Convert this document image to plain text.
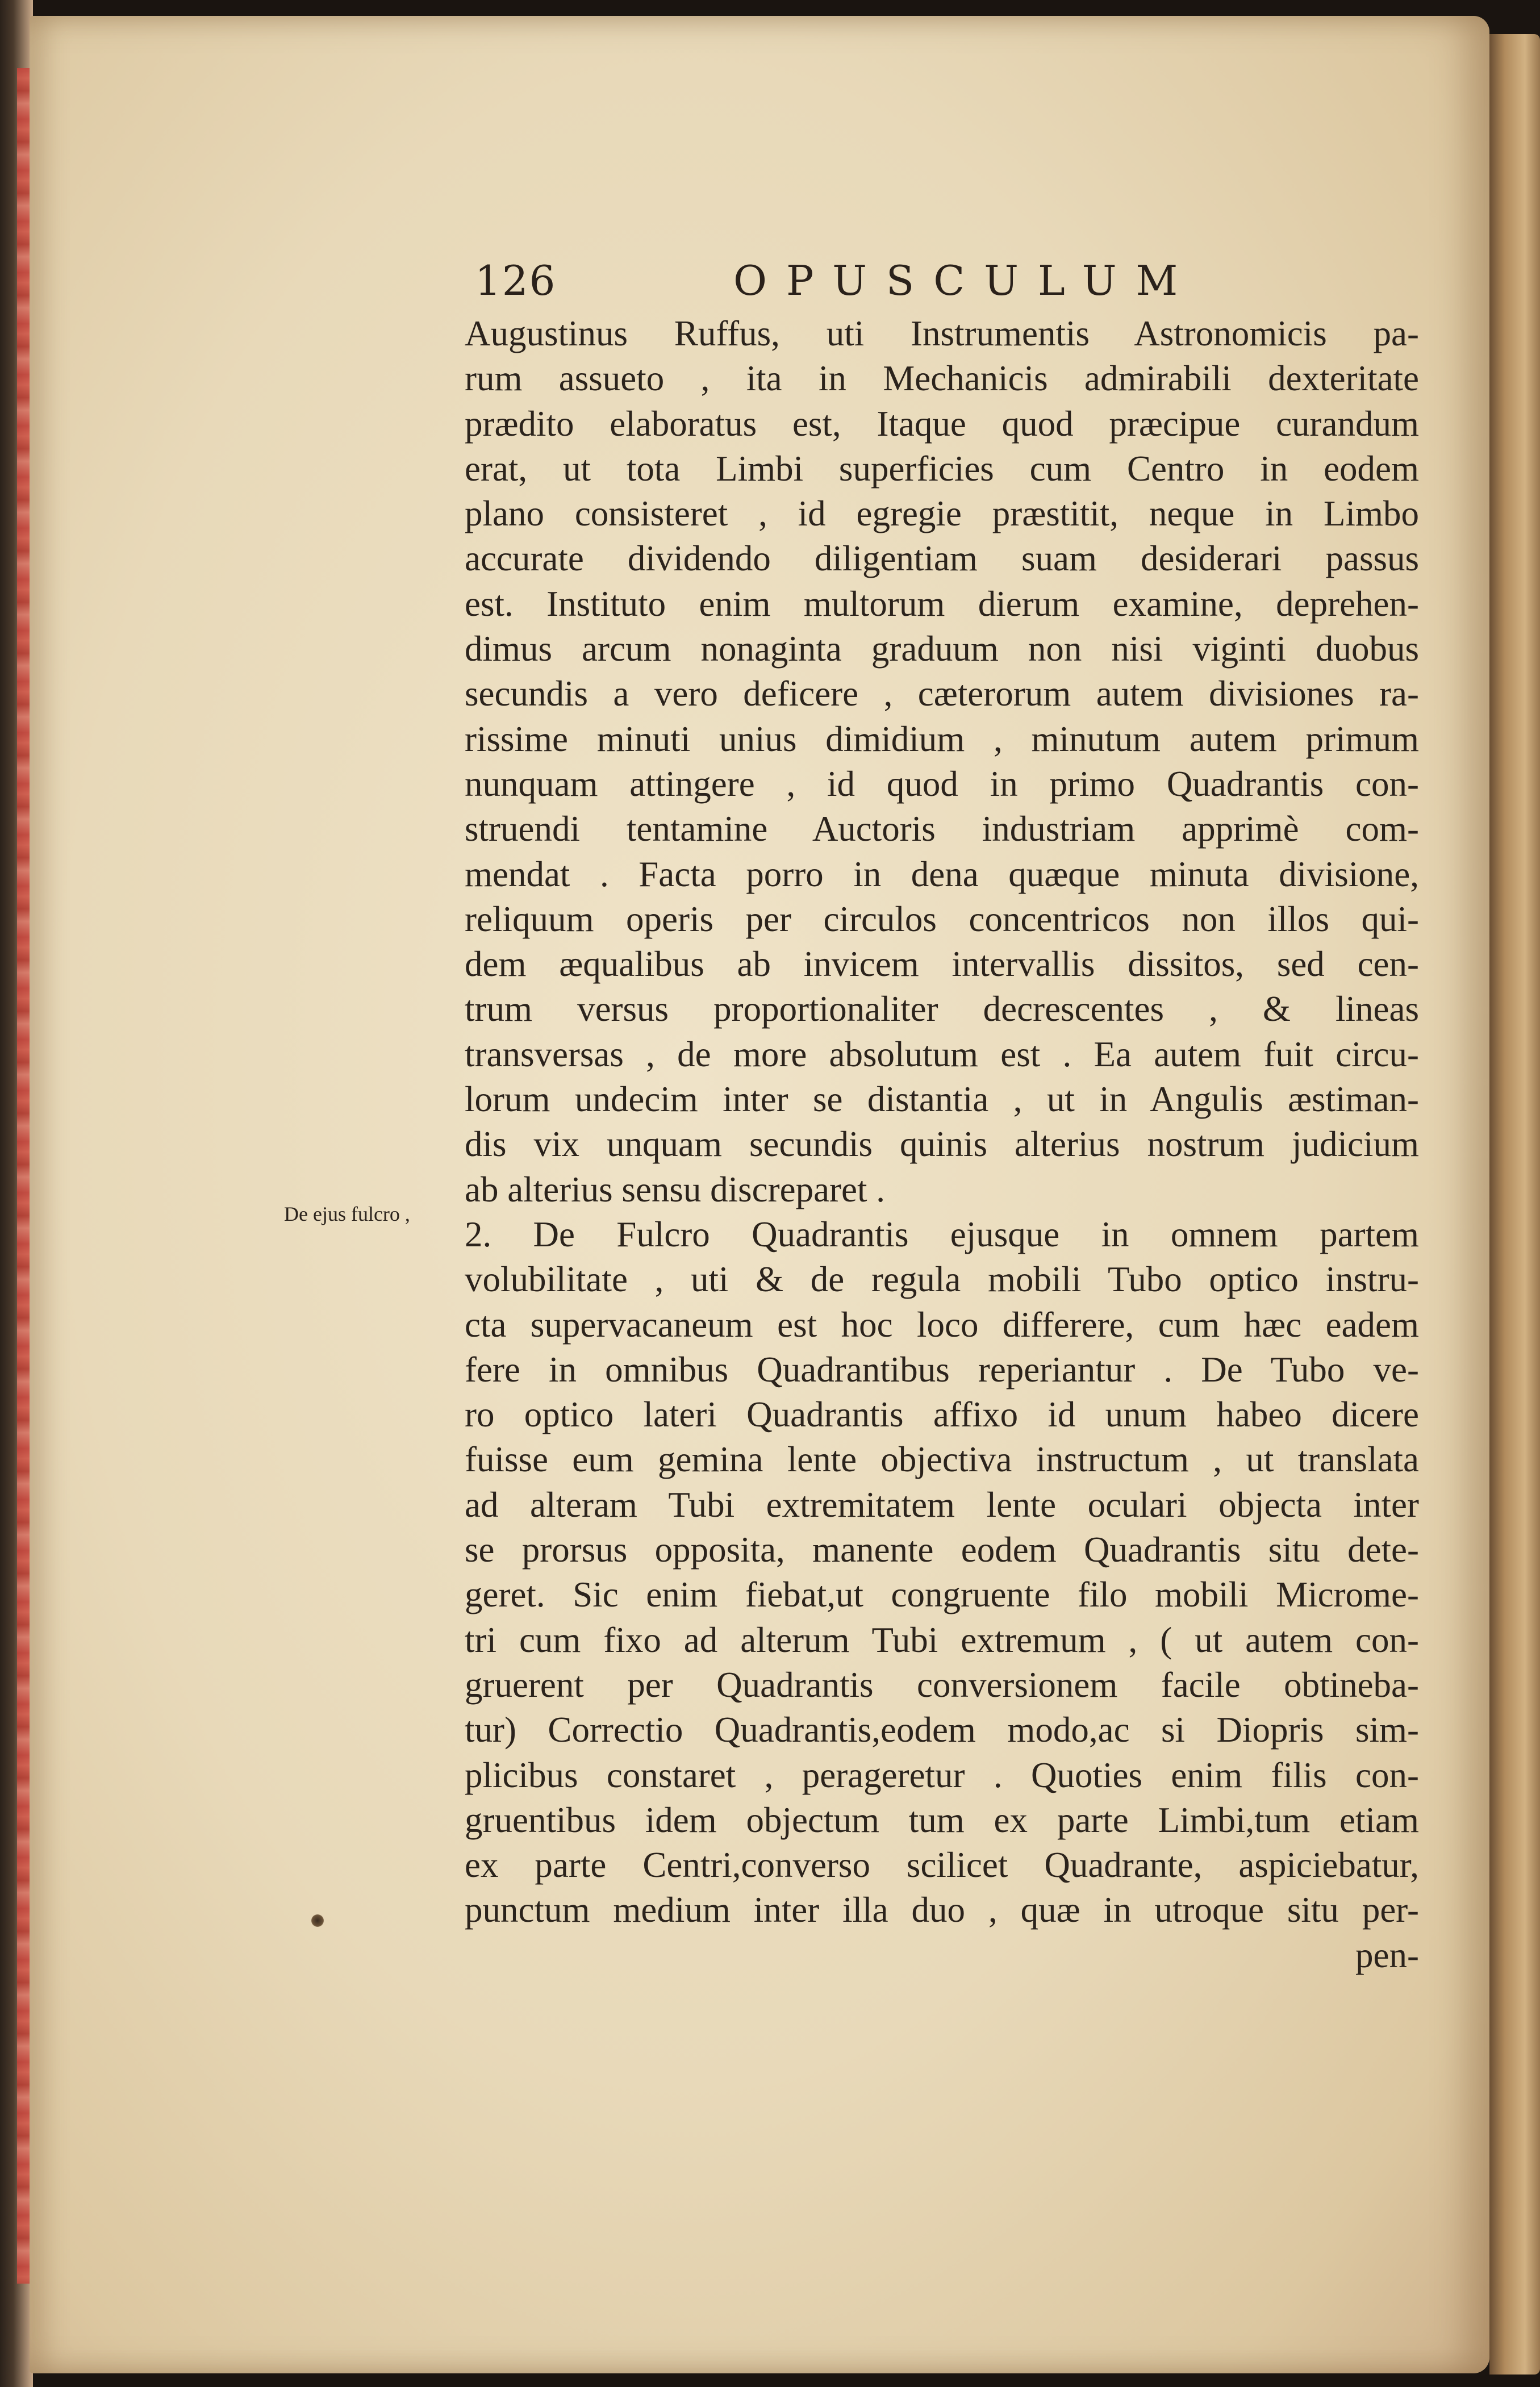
126	OPUSCULUM
De ejus fulcro ,
Augustinus Ruffus, uti Instrumentis Astronomicis pa-
rum assueto , ita in Mechanicis admirabili dexteritate
prædito elaboratus est, Itaque quod præcipue curandum
erat, ut tota Limbi superficies cum Centro in eodem
plano consisteret , id egregie præstitit, neque in Limbo
accurate dividendo diligentiam suam desiderari passus
est. Instituto enim multorum dierum examine, deprehen-
dimus arcum nonaginta graduum non nisi viginti duobus
secundis a vero deficere , cæterorum autem divisiones ra-
rissime minuti unius dimidium , minutum autem primum
nunquam attingere , id quod in primo Quadrantis con-
struendi tentamine Auctoris industriam apprimè com-
mendat . Facta porro in dena quæque minuta divisione,
reliquum operis per circulos concentricos non illos qui-
dem æqualibus ab invicem intervallis dissitos, sed cen-
trum versus proportionaliter decrescentes , & lineas
transversas , de more absolutum est . Ea autem fuit circu-
lorum undecim inter se distantia , ut in Angulis æstiman-
dis vix unquam secundis quinis alterius nostrum judicium
ab alterius sensu discreparet .
2. De Fulcro Quadrantis ejusque in omnem partem
volubilitate , uti & de regula mobili Tubo optico instru-
cta supervacaneum est hoc loco differere, cum hæc eadem
fere in omnibus Quadrantibus reperiantur . De Tubo ve-
ro optico lateri Quadrantis affixo id unum habeo dicere
fuisse eum gemina lente objectiva instructum , ut translata
ad alteram Tubi extremitatem lente oculari objecta inter
se prorsus opposita, manente eodem Quadrantis situ dete-
geret. Sic enim fiebat,ut congruente filo mobili Microme-
tri cum fixo ad alterum Tubi extremum , ( ut autem con-
gruerent per Quadrantis conversionem facile obtineba-
tur) Correctio Quadrantis,eodem modo,ac si Diopris sim-
plicibus constaret , perageretur . Quoties enim filis con-
gruentibus idem objectum tum ex parte Limbi,tum etiam
ex parte Centri,converso scilicet Quadrante, aspiciebatur,
punctum medium inter illa duo , quæ in utroque situ per-
pen-
